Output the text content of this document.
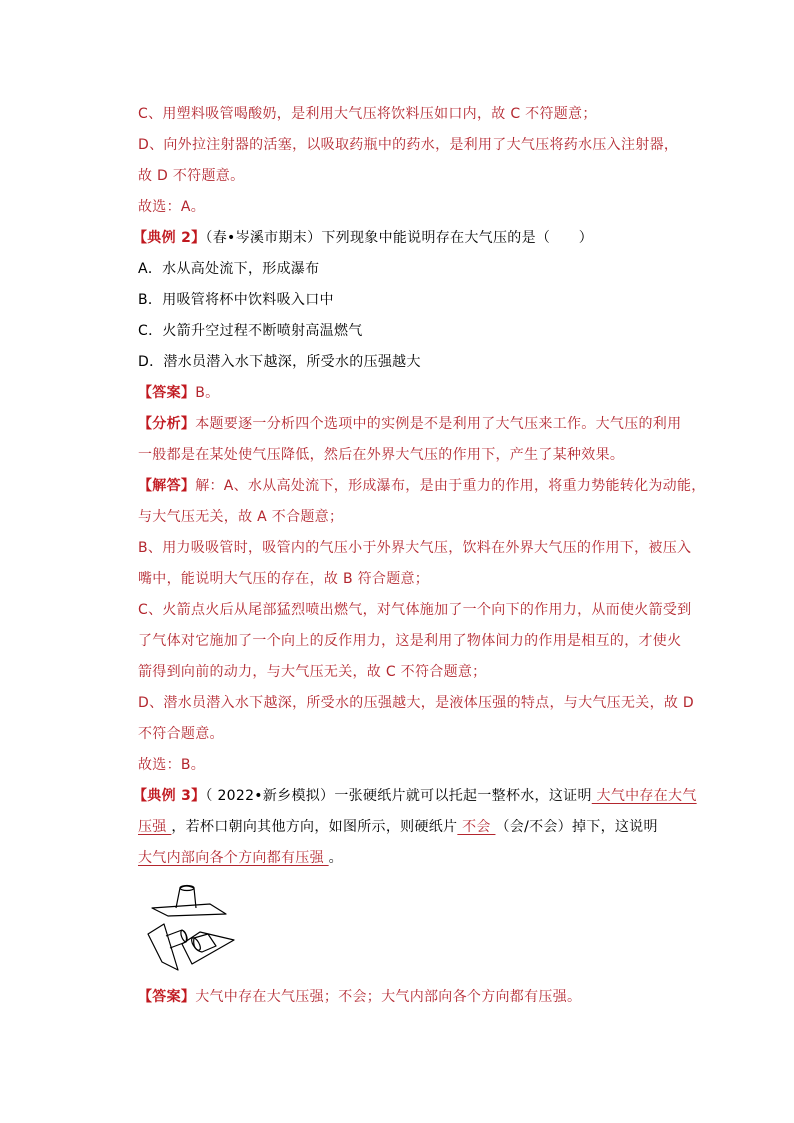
C、用塑料吸管喝酸奶，是利用大气压将饮料压如口内，故 C 不符题意；
D、向外拉注射器的活塞，以吸取药瓶中的药水，是利用了大气压将药水压入注射器，
故 D 不符题意。
故选：A。
【典例 2】（春•岑溪市期末）下列现象中能说明存在大气压的是（　　）
A．水从高处流下，形成瀑布
B．用吸管将杯中饮料吸入口中
C．火箭升空过程不断喷射高温燃气
D．潜水员潜入水下越深，所受水的压强越大
【答案】B。
【分析】本题要逐一分析四个选项中的实例是不是利用了大气压来工作。大气压的利用
一般都是在某处使气压降低，然后在外界大气压的作用下，产生了某种效果。
【解答】解：A、水从高处流下，形成瀑布，是由于重力的作用，将重力势能转化为动能，
与大气压无关，故 A 不合题意；
B、用力吸吸管时，吸管内的气压小于外界大气压，饮料在外界大气压的作用下，被压入
嘴中，能说明大气压的存在，故 B 符合题意；
C、火箭点火后从尾部猛烈喷出燃气，对气体施加了一个向下的作用力，从而使火箭受到
了气体对它施加了一个向上的反作用力，这是利用了物体间力的作用是相互的，才使火
箭得到向前的动力，与大气压无关，故 C 不符合题意；
D、潜水员潜入水下越深，所受水的压强越大，是液体压强的特点，与大气压无关，故 D
不符合题意。
故选：B。
【典例 3】（ 2022•新乡模拟）一张硬纸片就可以托起一整杯水，这证明 大气中存在大气
压强 ，若杯口朝向其他方向，如图所示，则硬纸片 不会 （会/不会）掉下，这说明
大气内部向各个方向都有压强 。
【答案】大气中存在大气压强；不会；大气内部向各个方向都有压强。
